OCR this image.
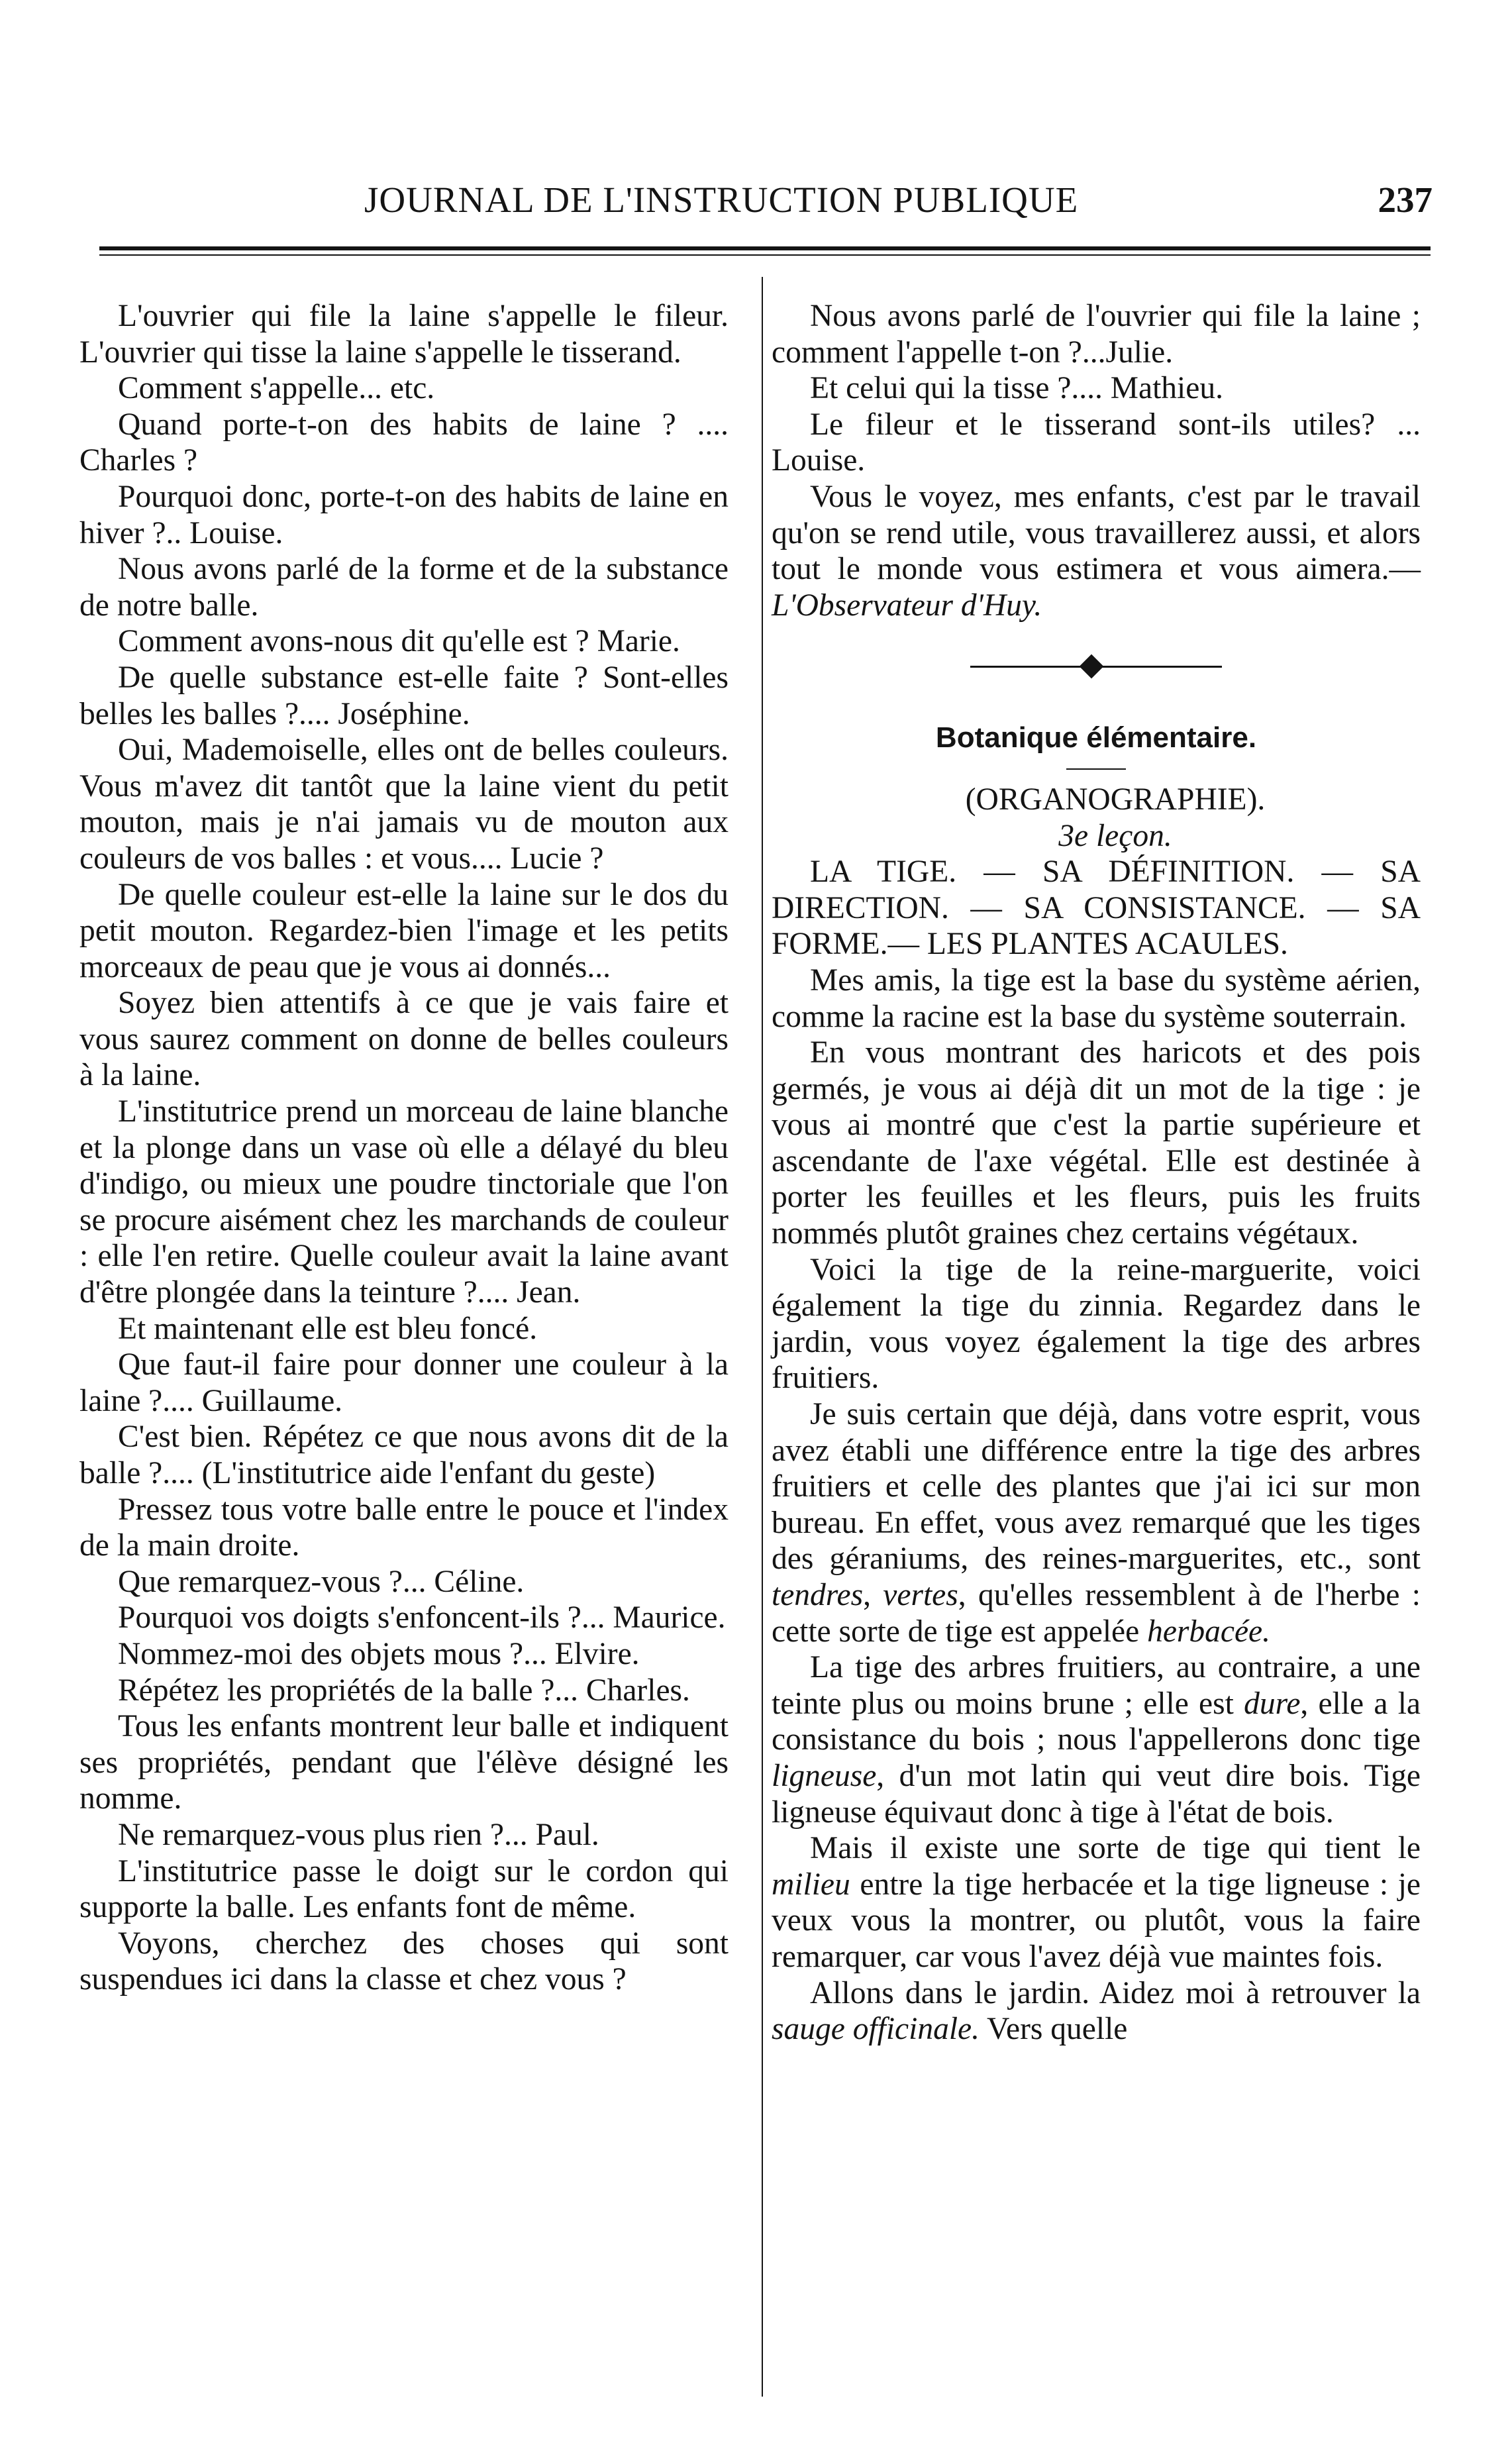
JOURNAL DE L'INSTRUCTION PUBLIQUE	237

L'ouvrier qui file la laine s'appelle le fileur. L'ouvrier qui tisse la laine s'appelle le tisserand.

Comment s'appelle... etc.

Quand porte-t-on des habits de laine ? .... Charles ?

Pourquoi donc, porte-t-on des habits de laine en hiver ?.. Louise.

Nous avons parlé de la forme et de la substance de notre balle.

Comment avons-nous dit qu'elle est ? Marie.

De quelle substance est-elle faite ? Sont-elles belles les balles ?.... Joséphine.

Oui, Mademoiselle, elles ont de belles couleurs. Vous m'avez dit tantôt que la laine vient du petit mouton, mais je n'ai jamais vu de mouton aux couleurs de vos balles : et vous.... Lucie ?

De quelle couleur est-elle la laine sur le dos du petit mouton. Regardez-bien l'image et les petits morceaux de peau que je vous ai donnés...

Soyez bien attentifs à ce que je vais faire et vous saurez comment on donne de belles couleurs à la laine.

L'institutrice prend un morceau de laine blanche et la plonge dans un vase où elle a délayé du bleu d'indigo, ou mieux une poudre tinctoriale que l'on se procure aisément chez les marchands de couleur : elle l'en retire. Quelle couleur avait la laine avant d'être plongée dans la teinture ?.... Jean.

Et maintenant elle est bleu foncé.

Que faut-il faire pour donner une couleur à la laine ?.... Guillaume.

C'est bien. Répétez ce que nous avons dit de la balle ?.... (L'institutrice aide l'enfant du geste)

Pressez tous votre balle entre le pouce et l'index de la main droite.

Que remarquez-vous ?... Céline.

Pourquoi vos doigts s'enfoncent-ils ?... Maurice.

Nommez-moi des objets mous ?... Elvire.

Répétez les propriétés de la balle ?... Charles.

Tous les enfants montrent leur balle et indiquent ses propriétés, pendant que l'élève désigné les nomme.

Ne remarquez-vous plus rien ?... Paul.

L'institutrice passe le doigt sur le cordon qui supporte la balle. Les enfants font de même.

Voyons, cherchez des choses qui sont suspendues ici dans la classe et chez vous ?

Nous avons parlé de l'ouvrier qui file la laine ; comment l'appelle t-on ?...Julie.

Et celui qui la tisse ?.... Mathieu.

Le fileur et le tisserand sont-ils utiles? ... Louise.

Vous le voyez, mes enfants, c'est par le travail qu'on se rend utile, vous travaillerez aussi, et alors tout le monde vous estimera et vous aimera.—L'Observateur d'Huy.

Botanique élémentaire.

(ORGANOGRAPHIE).

3e leçon.

LA TIGE. — SA DÉFINITION. — SA DIRECTION. — SA CONSISTANCE. — SA FORME.— LES PLANTES ACAULES.

Mes amis, la tige est la base du système aérien, comme la racine est la base du système souterrain.

En vous montrant des haricots et des pois germés, je vous ai déjà dit un mot de la tige : je vous ai montré que c'est la partie supérieure et ascendante de l'axe végétal. Elle est destinée à porter les feuilles et les fleurs, puis les fruits nommés plutôt graines chez certains végétaux.

Voici la tige de la reine-marguerite, voici également la tige du zinnia. Regardez dans le jardin, vous voyez également la tige des arbres fruitiers.

Je suis certain que déjà, dans votre esprit, vous avez établi une différence entre la tige des arbres fruitiers et celle des plantes que j'ai ici sur mon bureau. En effet, vous avez remarqué que les tiges des géraniums, des reines-marguerites, etc., sont tendres, vertes, qu'elles ressemblent à de l'herbe : cette sorte de tige est appelée herbacée.

La tige des arbres fruitiers, au contraire, a une teinte plus ou moins brune ; elle est dure, elle a la consistance du bois ; nous l'appellerons donc tige ligneuse, d'un mot latin qui veut dire bois. Tige ligneuse équivaut donc à tige à l'état de bois.

Mais il existe une sorte de tige qui tient le milieu entre la tige herbacée et la tige ligneuse : je veux vous la montrer, ou plutôt, vous la faire remarquer, car vous l'avez déjà vue maintes fois.

Allons dans le jardin. Aidez moi à retrouver la sauge officinale. Vers quelle
